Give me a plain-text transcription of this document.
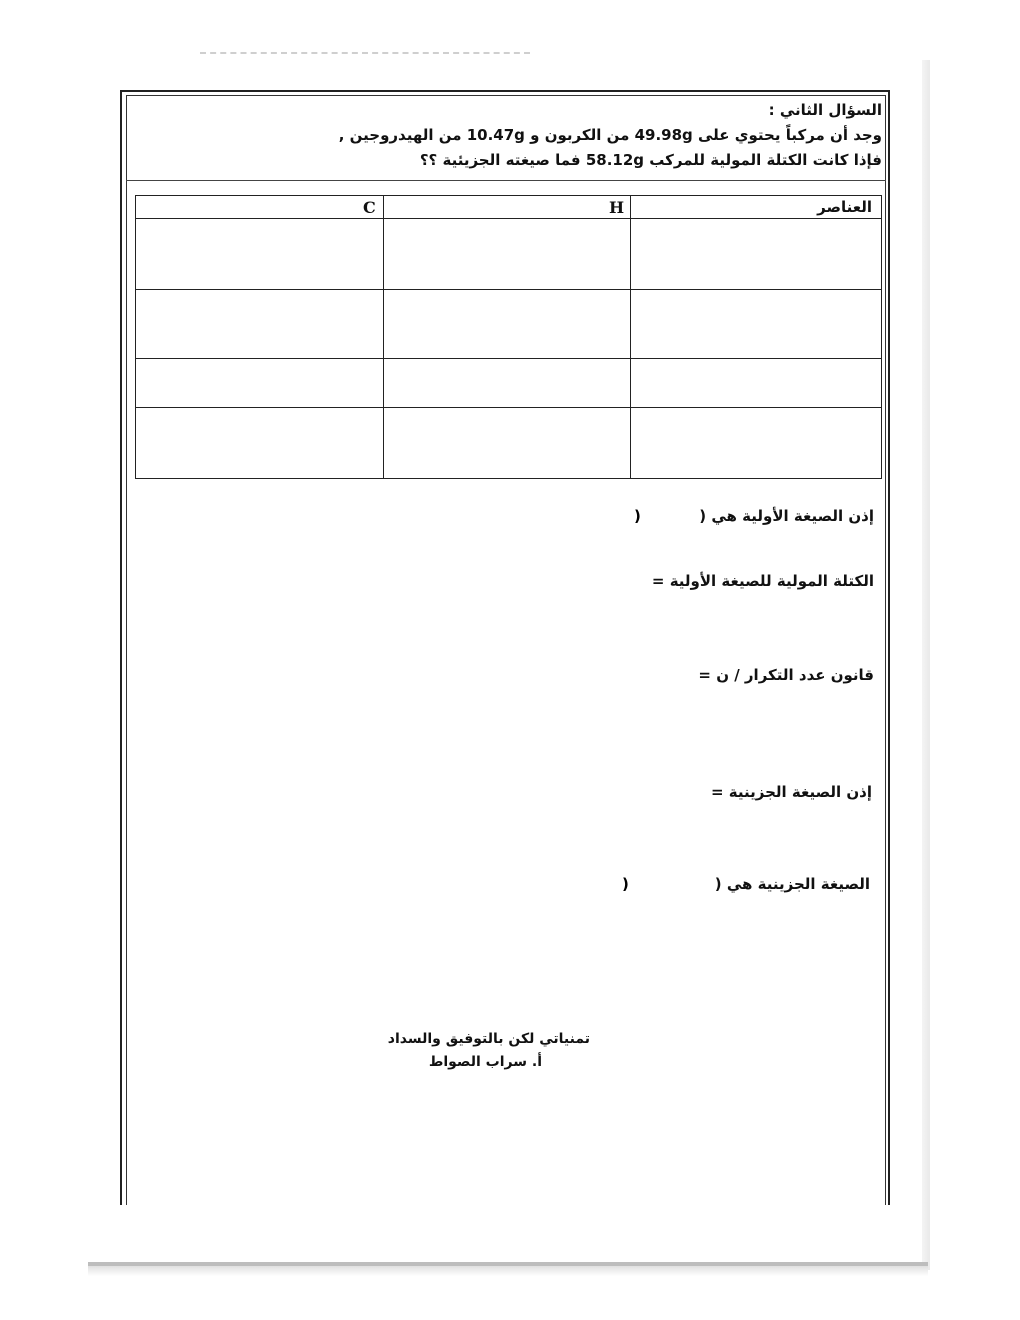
السؤال الثاني :
وجد أن مركباً يحتوي على 49.98g من الكربون و 10.47g من الهيدروجين ,
فإذا كانت الكتلة المولية للمركب 58.12g فما صيغته الجزيئية ؟؟
العناصر
H
C
إذن الصيغة الأولية هي (
)
الكتلة المولية للصيغة الأولية =
قانون عدد التكرار / ن =
إذن الصيغة الجزينية =
الصيغة الجزينية هي (
)
تمنياتي لكن بالتوفيق والسداد
أ. سراب الصواط
